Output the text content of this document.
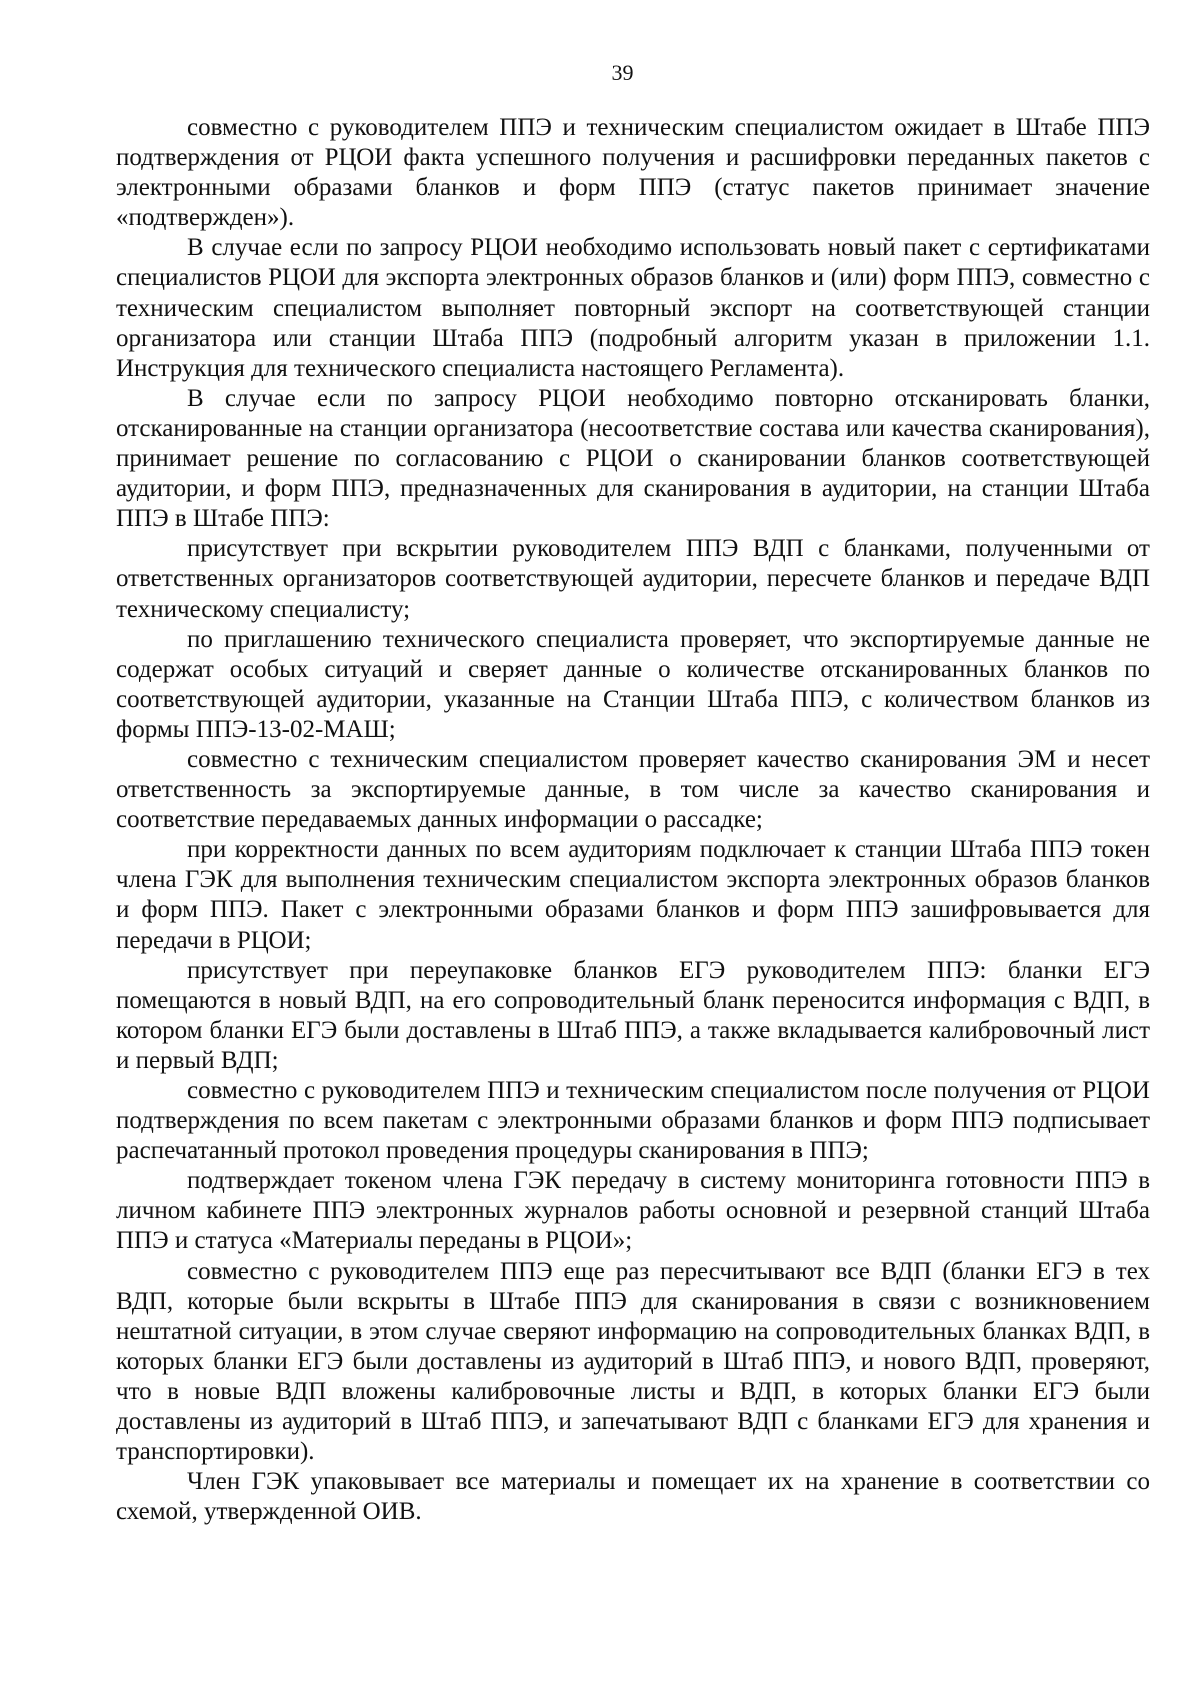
39

совместно с руководителем ППЭ и техническим специалистом ожидает в Штабе ППЭ подтверждения от РЦОИ факта успешного получения и расшифровки переданных пакетов с электронными образами бланков и форм ППЭ (статус пакетов принимает значение «подтвержден»).

В случае если по запросу РЦОИ необходимо использовать новый пакет с сертификатами специалистов РЦОИ для экспорта электронных образов бланков и (или) форм ППЭ, совместно с техническим специалистом выполняет повторный экспорт на соответствующей станции организатора или станции Штаба ППЭ (подробный алгоритм указан в приложении 1.1. Инструкция для технического специалиста настоящего Регламента).

В случае если по запросу РЦОИ необходимо повторно отсканировать бланки, отсканированные на станции организатора (несоответствие состава или качества сканирования), принимает решение по согласованию с РЦОИ о сканировании бланков соответствующей аудитории, и форм ППЭ, предназначенных для сканирования в аудитории, на станции Штаба ППЭ в Штабе ППЭ:

присутствует при вскрытии руководителем ППЭ ВДП с бланками, полученными от ответственных организаторов соответствующей аудитории, пересчете бланков и передаче ВДП техническому специалисту;

по приглашению технического специалиста проверяет, что экспортируемые данные не содержат особых ситуаций и сверяет данные о количестве отсканированных бланков по соответствующей аудитории, указанные на Станции Штаба ППЭ, с количеством бланков из формы ППЭ-13-02-МАШ;

совместно с техническим специалистом проверяет качество сканирования ЭМ и несет ответственность за экспортируемые данные, в том числе за качество сканирования и соответствие передаваемых данных информации о рассадке;

при корректности данных по всем аудиториям подключает к станции Штаба ППЭ токен члена ГЭК для выполнения техническим специалистом экспорта электронных образов бланков и форм ППЭ. Пакет с электронными образами бланков и форм ППЭ зашифровывается для передачи в РЦОИ;

присутствует при переупаковке бланков ЕГЭ руководителем ППЭ: бланки ЕГЭ помещаются в новый ВДП, на его сопроводительный бланк переносится информация с ВДП, в котором бланки ЕГЭ были доставлены в Штаб ППЭ, а также вкладывается калибровочный лист и первый ВДП;

совместно с руководителем ППЭ и техническим специалистом после получения от РЦОИ подтверждения по всем пакетам с электронными образами бланков и форм ППЭ подписывает распечатанный протокол проведения процедуры сканирования в ППЭ;

подтверждает токеном члена ГЭК передачу в систему мониторинга готовности ППЭ в личном кабинете ППЭ электронных журналов работы основной и резервной станций Штаба ППЭ и статуса «Материалы переданы в РЦОИ»;

совместно с руководителем ППЭ еще раз пересчитывают все ВДП (бланки ЕГЭ в тех ВДП, которые были вскрыты в Штабе ППЭ для сканирования в связи с возникновением нештатной ситуации, в этом случае сверяют информацию на сопроводительных бланках ВДП, в которых бланки ЕГЭ были доставлены из аудиторий в Штаб ППЭ, и нового ВДП, проверяют, что в новые ВДП вложены калибровочные листы и ВДП, в которых бланки ЕГЭ были доставлены из аудиторий в Штаб ППЭ, и запечатывают ВДП с бланками ЕГЭ для хранения и транспортировки).

Член ГЭК упаковывает все материалы и помещает их на хранение в соответствии со схемой, утвержденной ОИВ.
